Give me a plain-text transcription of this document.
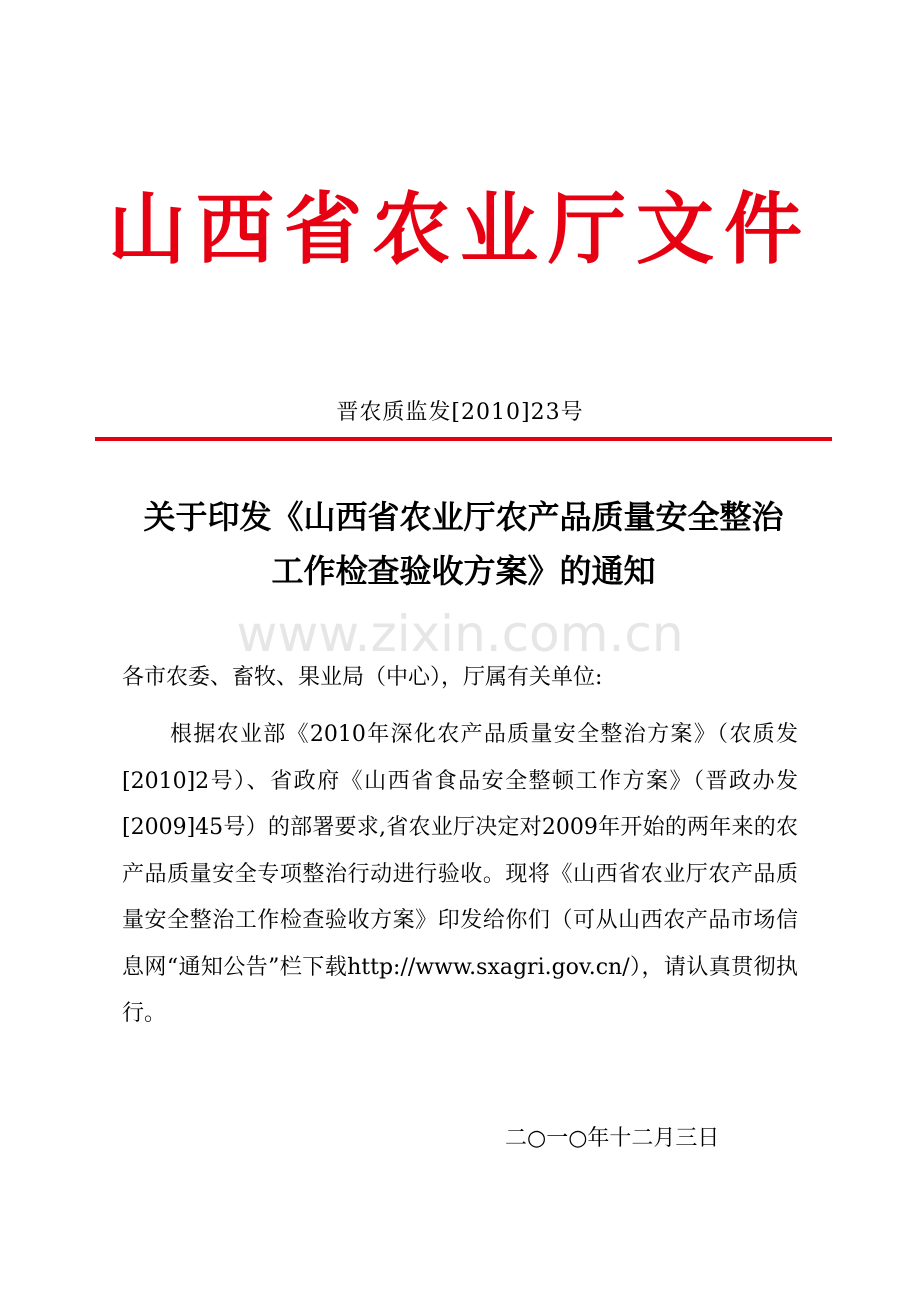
山西省农业厅文件
晋农质监发[2010]23号
关于印发《山西省农业厅农产品质量安全整治
工作检查验收方案》的通知
www.zixin.com.cn
各市农委、畜牧、果业局（中心），厅属有关单位:

根据农业部《2010年深化农产品质量安全整治方案》（农质发[2010]2号）、省政府《山西省食品安全整顿工作方案》（晋政办发[2009]45号）的部署要求,省农业厅决定对2009年开始的两年来的农产品质量安全专项整治行动进行验收。现将《山西省农业厅农产品质量安全整治工作检查验收方案》印发给你们（可从山西农产品市场信息网“通知公告”栏下载http://www.sxagri.gov.cn/），请认真贯彻执行。

二○一○年十二月三日
